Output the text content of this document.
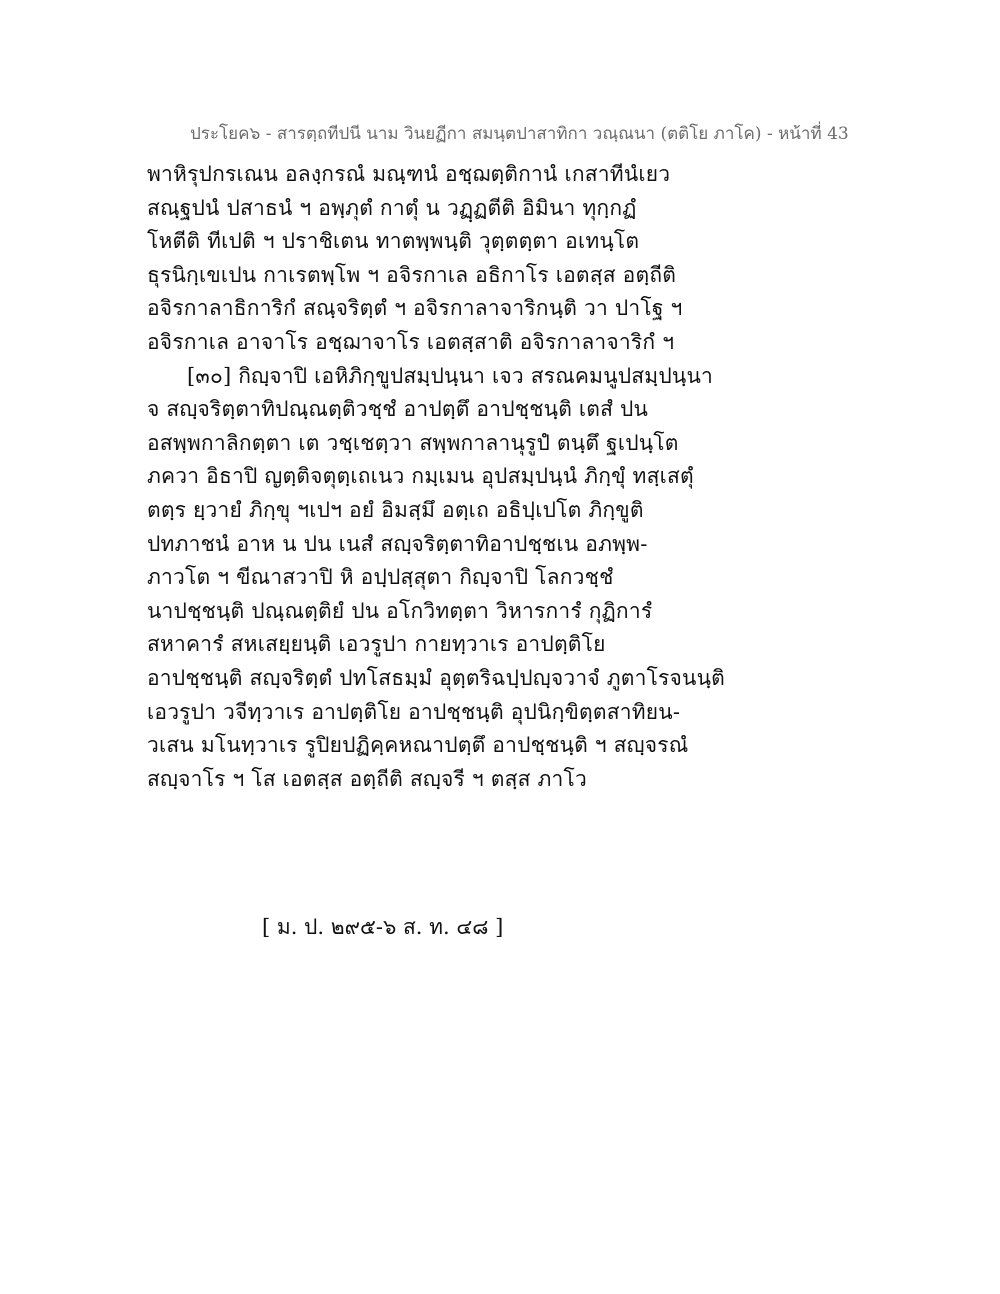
ประโยค๖ - สารตฺถทีปนี นาม วินยฏีกา สมนฺตปาสาทิกา วณฺณนา (ตติโย ภาโค) - หน้าที่ 43
พาหิรุปกรเณน อลงฺกรณํ มณฺฑนํ อชฺฌตฺติกานํ เกสาทีนํเยว
สณฺฐปนํ ปสาธนํ ฯ อพฺภุตํ กาตุํ น วฏฺฏตีติ อิมินา ทุกฺกฏํ
โหตีติ ทีเปติ ฯ ปราชิเตน ทาตพฺพนฺติ วุตฺตตฺตา อเทนฺโต
ธุรนิกฺเขเปน กาเรตพฺโพ ฯ อจิรกาเล อธิกาโร เอตสฺส อตฺถีติ
อจิรกาลาธิการิกํ สณฺจริตฺตํ ฯ อจิรกาลาจาริกนฺติ วา ปาโฐ ฯ
อจิรกาเล อาจาโร อชฺฌาจาโร เอตสฺสาติ อจิรกาลาจาริกํ ฯ
[๓๐] กิญฺจาปิ เอหิภิกฺขูปสมฺปนฺนา เจว สรณคมนูปสมฺปนฺนา
จ สญฺจริตฺตาทิปณฺณตฺติวชฺชํ อาปตฺตึ อาปชฺชนฺติ เตสํ ปน
อสพฺพกาลิกตฺตา เต วชฺเชตฺวา สพฺพกาลานุรูปํ ตนฺตึ ฐเปนฺโต
ภควา อิธาปิ ญตฺติจตุตฺเถเนว กมฺเมน อุปสมฺปนฺนํ ภิกฺขุํ ทสฺเสตุํ
ตตฺร ยฺวายํ ภิกฺขุ ฯเปฯ อยํ อิมสฺมึ อตฺเถ อธิปฺเปโต ภิกฺขูติ
ปทภาชนํ อาห น ปน เนสํ สญฺจริตฺตาทิอาปชฺชเน อภพฺพ-
ภาวโต ฯ ขีณาสวาปิ หิ อปฺปสฺสุตา กิญฺจาปิ โลกวชฺชํ
นาปชฺชนฺติ ปณฺณตฺติยํ ปน อโกวิทตฺตา วิหารการํ กุฏิการํ
สหาคารํ สหเสยฺยนฺติ เอวรูปา กายทฺวาเร อาปตฺติโย
อาปชฺชนฺติ สญฺจริตฺตํ ปทโสธมฺมํ อุตฺตริฉปฺปญฺจวาจํ ภูตาโรจนนฺติ
เอวรูปา วจีทฺวาเร อาปตฺติโย อาปชฺชนฺติ อุปนิกฺขิตฺตสาทิยน-
วเสน มโนทฺวาเร รูปิยปฏิคฺคหณาปตฺตึ อาปชฺชนฺติ ฯ สญฺจรณํ
สญฺจาโร ฯ โส เอตสฺส อตฺถีติ สญฺจรี ฯ ตสฺส ภาโว
[ ม. ป. ๒๙๕-๖ ส. ท. ๔๘ ]
